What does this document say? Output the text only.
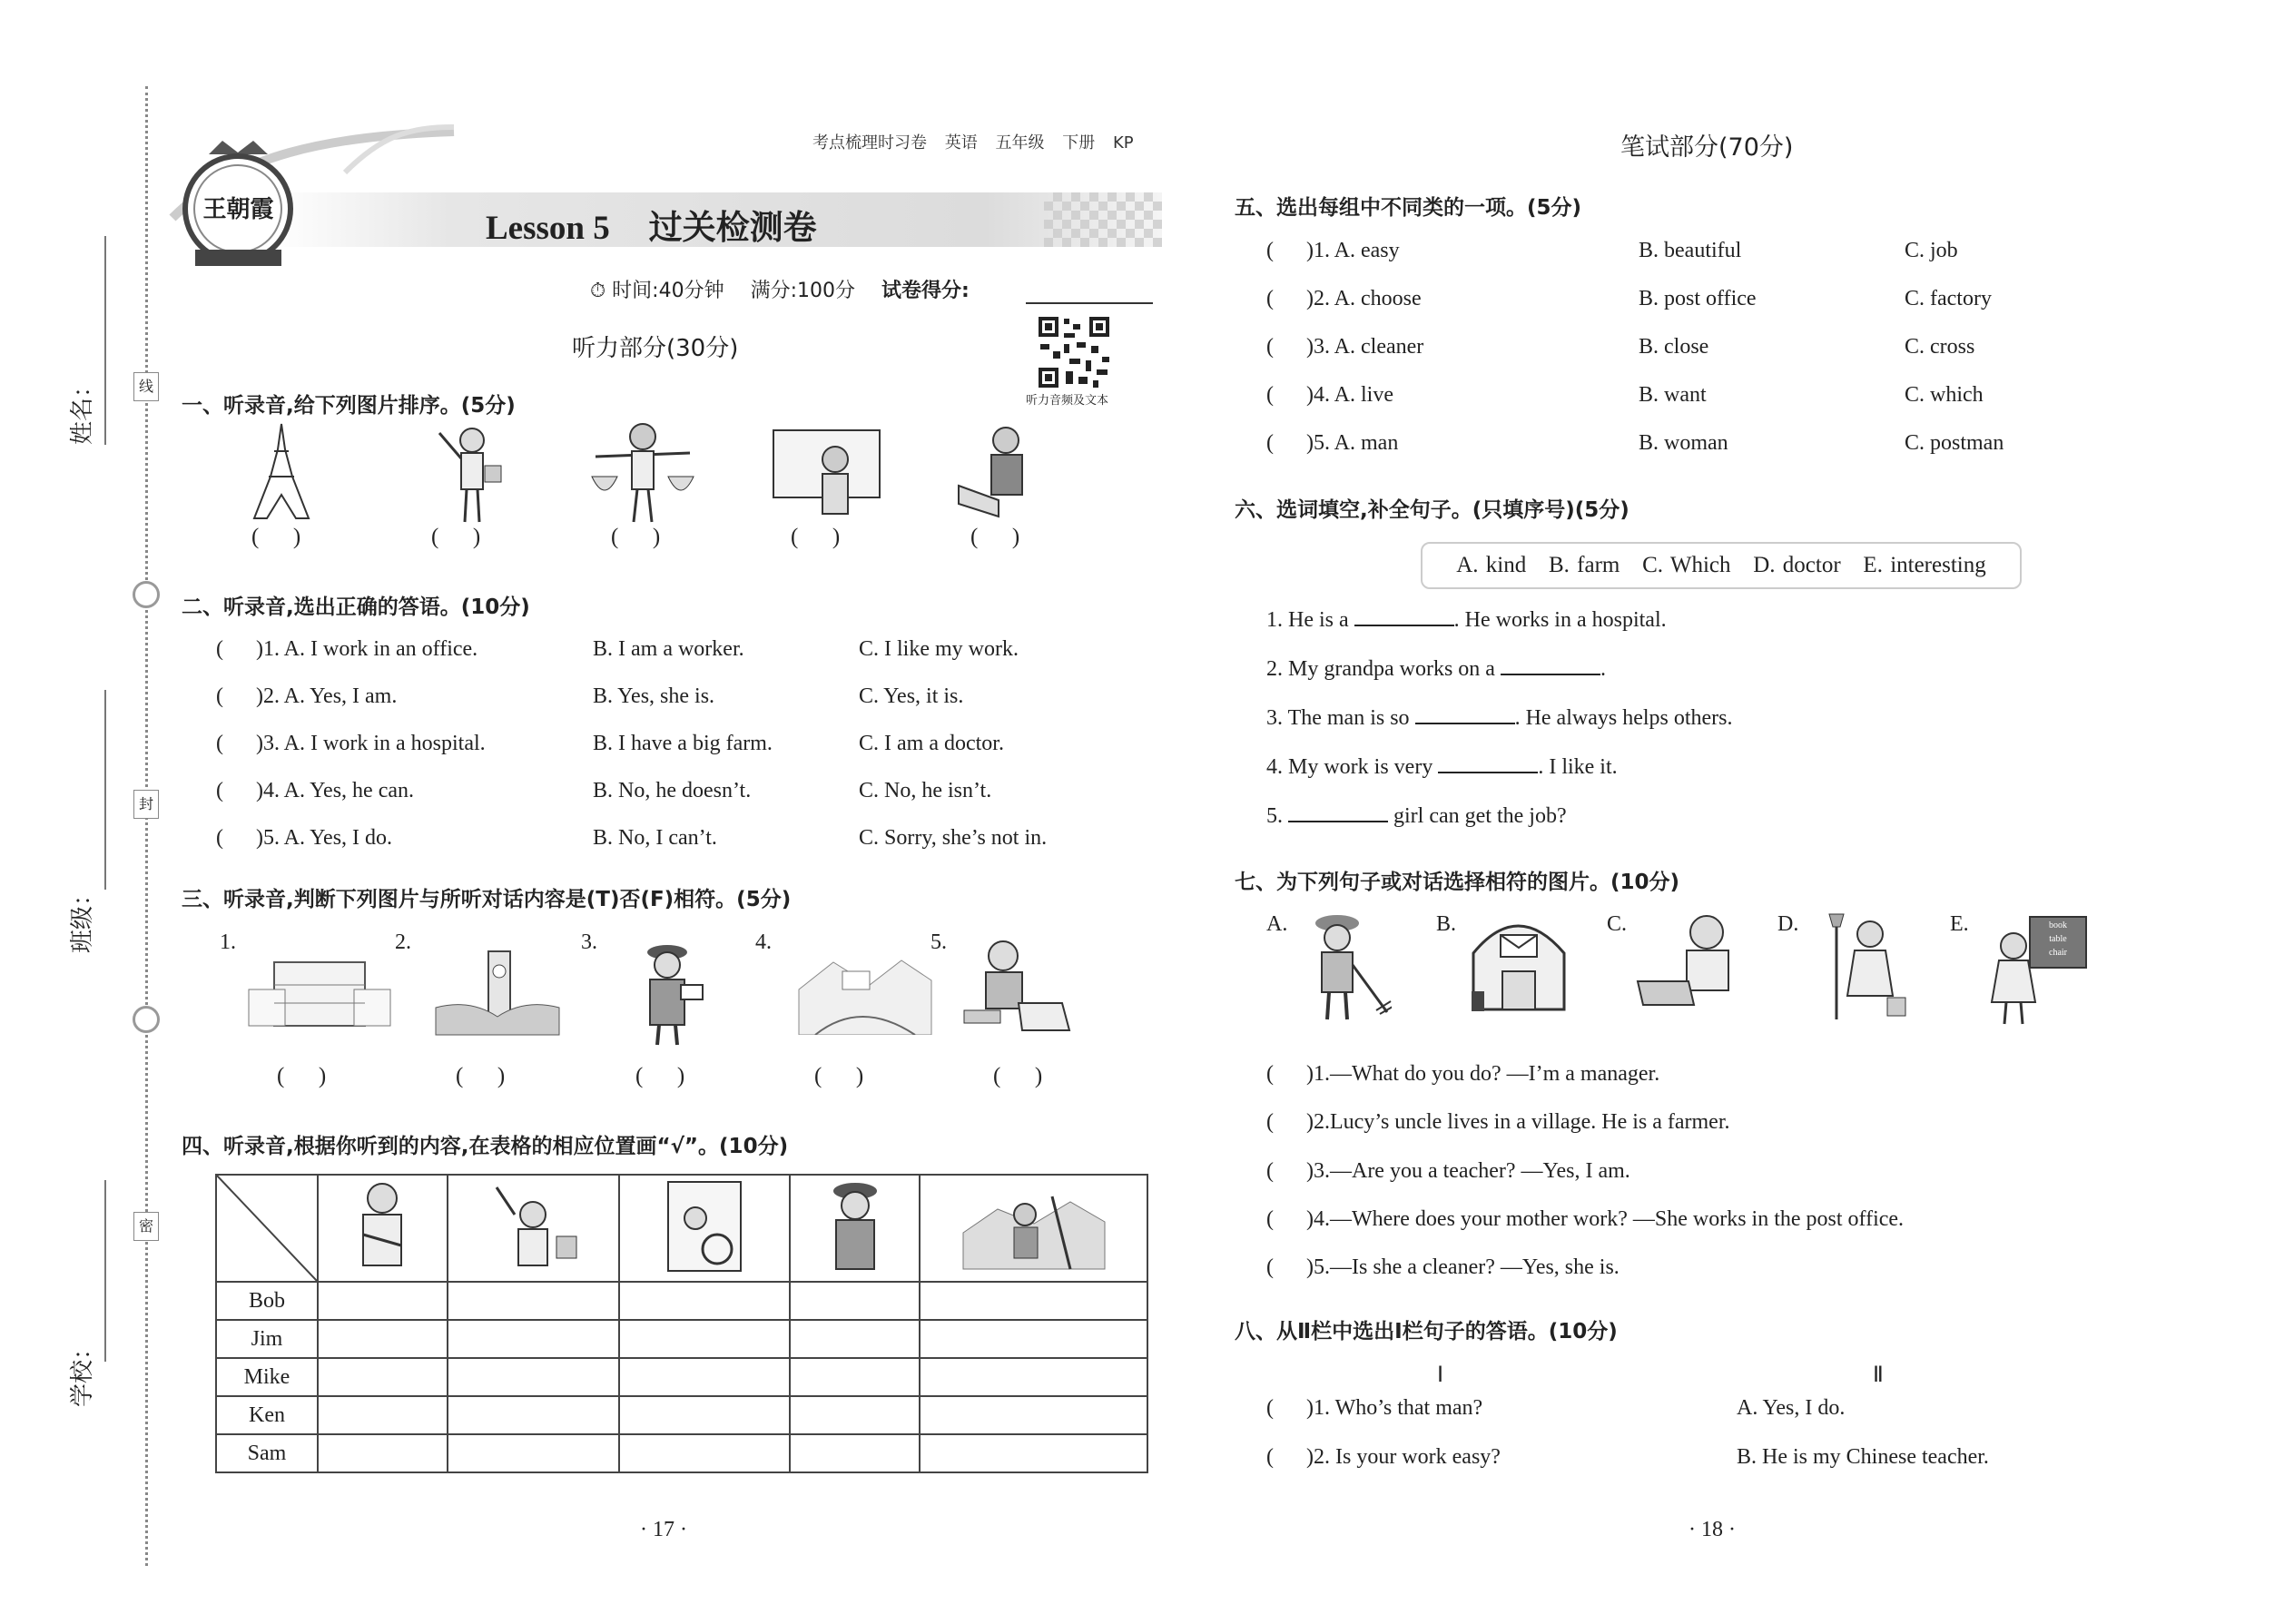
姓名：
班级：
学校：
线
封
密
王朝霞
考点梳理时习卷 英语 五年级 下册 KP
Lesson 5 过关检测卷
⏱ 时间:40分钟 满分:100分 试卷得分:
听力音频及文本
听力部分(30分)
一、听录音,给下列图片排序。(5分)
(      )	(      )	(      )	(      )	(      )
二、听录音,选出正确的答语。(10分)
(      )1. A. I work in an office.	B. I am a worker.	C. I like my work.
(      )2. A. Yes, I am.	B. Yes, she is.	C. Yes, it is.
(      )3. A. I work in a hospital.	B. I have a big farm.	C. I am a doctor.
(      )4. A. Yes, he can.	B. No, he doesn’t.	C. No, he isn’t.
(      )5. A. Yes, I do.	B. No, I can’t.	C. Sorry, she’s not in.
三、听录音,判断下列图片与所听对话内容是(T)否(F)相符。(5分)
1.	2.	3.	4.	5.
(      )	(      )	(      )	(      )	(      )
四、听录音,根据你听到的内容,在表格的相应位置画“√”。(10分)

Bob					
Jim					
Mike					
Ken					
Sam					
· 17 ·
笔试部分(70分)
五、选出每组中不同类的一项。(5分)
(      )1. A. easy	B. beautiful	C. job
(      )2. A. choose	B. post office	C. factory
(      )3. A. cleaner	B. close	C. cross
(      )4. A. live	B. want	C. which
(      )5. A. man	B. woman	C. postman
六、选词填空,补全句子。(只填序号)(5分)
A. kind B. farm C. Which D. doctor E. interesting
1. He is a	. He works in a hospital.
2. My grandpa works on a	.
3. The man is so	. He always helps others.
4. My work is very	. I like it.
5.	girl can get the job?
七、为下列句子或对话选择相符的图片。(10分)
A.	B.	C.	D.	E.	book
table
chair
(      )1.—What do you do? —I’m a manager.
(      )2.Lucy’s uncle lives in a village. He is a farmer.
(      )3.—Are you a teacher? —Yes, I am.
(      )4.—Where does your mother work? —She works in the post office.
(      )5.—Is she a cleaner? —Yes, she is.
八、从Ⅱ栏中选出Ⅰ栏句子的答语。(10分)
Ⅰ	Ⅱ
(      )1. Who’s that man?	A. Yes, I do.
(      )2. Is your work easy?	B. He is my Chinese teacher.
· 18 ·
